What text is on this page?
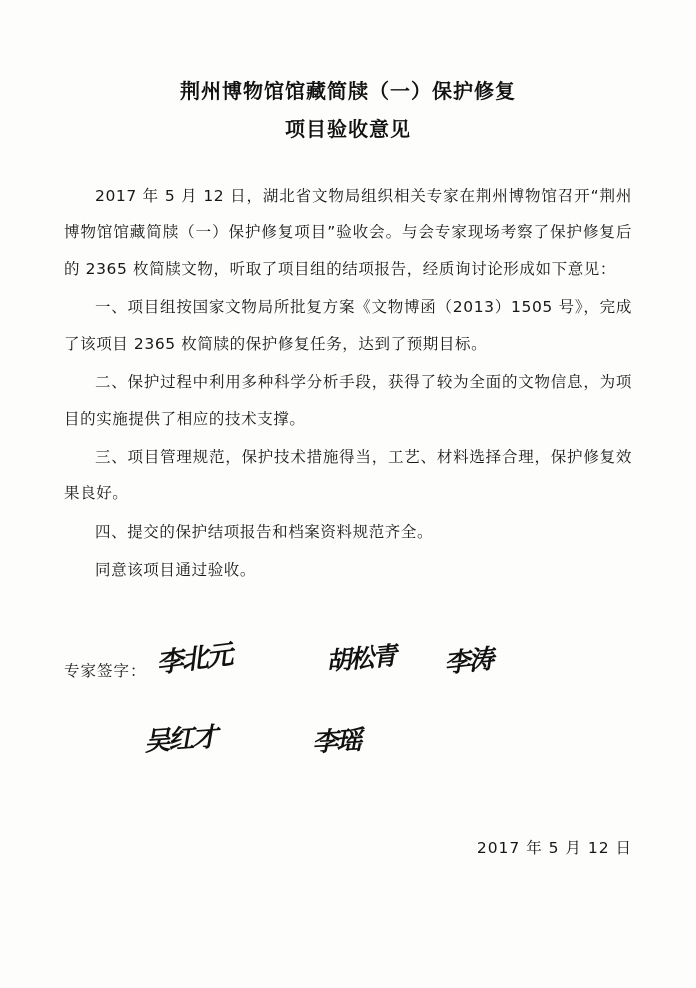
荆州博物馆馆藏简牍（一）保护修复
项目验收意见

2017 年 5 月 12 日，湖北省文物局组织相关专家在荆州博物馆召开“荆州博物馆馆藏简牍（一）保护修复项目”验收会。与会专家现场考察了保护修复后的 2365 枚简牍文物，听取了项目组的结项报告，经质询讨论形成如下意见：

一、项目组按国家文物局所批复方案《文物博函（2013）1505 号》，完成了该项目 2365 枚简牍的保护修复任务，达到了预期目标。

二、保护过程中利用多种科学分析手段，获得了较为全面的文物信息，为项目的实施提供了相应的技术支撑。

三、项目管理规范，保护技术措施得当，工艺、材料选择合理，保护修复效果良好。

四、提交的保护结项报告和档案资料规范齐全。

同意该项目通过验收。

专家签字： 李北元	胡松青 李涛
吴红才	李瑶
2017 年 5 月 12 日
